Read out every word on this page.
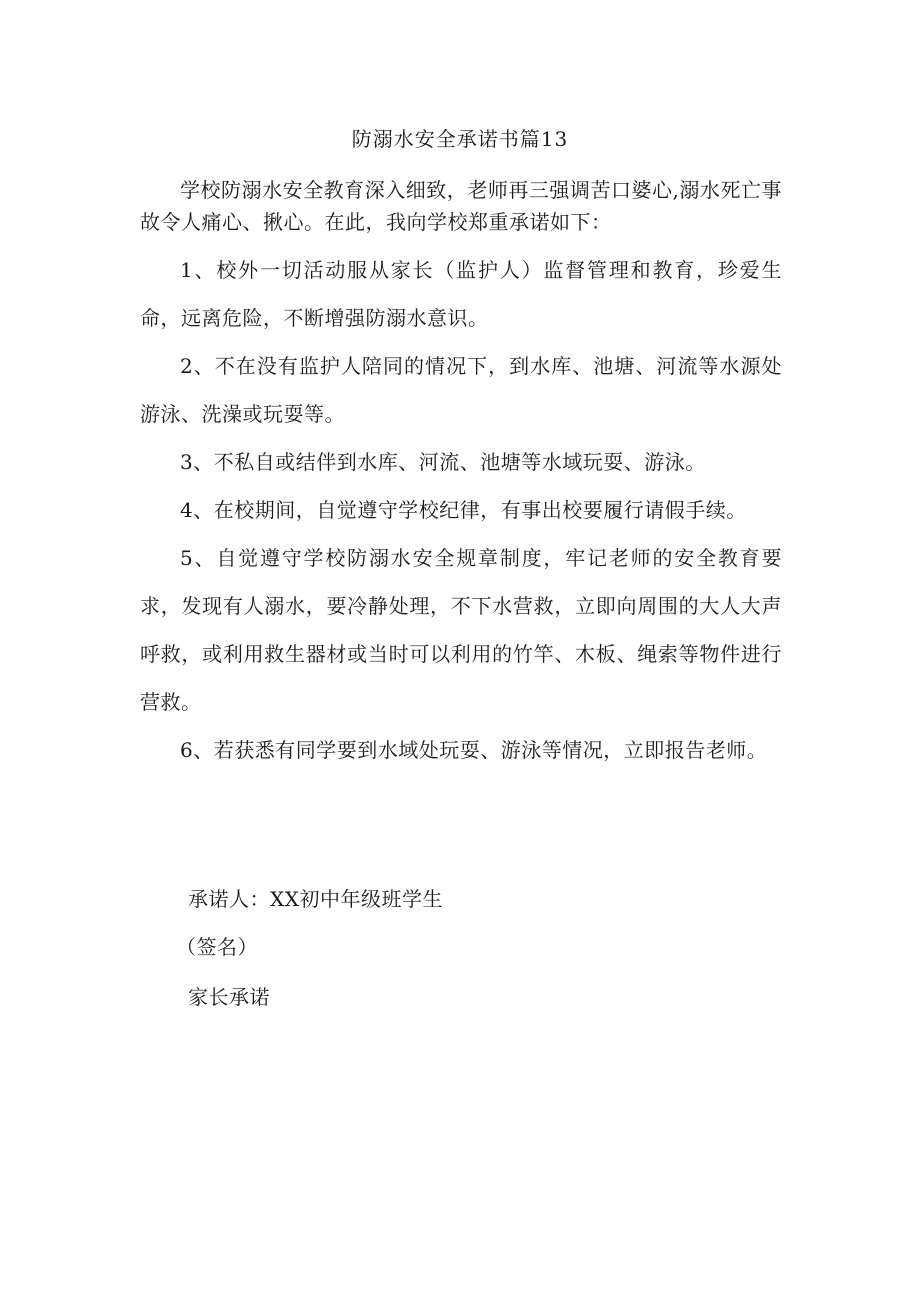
防溺水安全承诺书篇13
学校防溺水安全教育深入细致，老师再三强调苦口婆心,溺水死亡事故令人痛心、揪心。在此，我向学校郑重承诺如下：

1、校外一切活动服从家长（监护人）监督管理和教育，珍爱生命，远离危险，不断增强防溺水意识。

2、不在没有监护人陪同的情况下，到水库、池塘、河流等水源处游泳、洗澡或玩耍等。

3、不私自或结伴到水库、河流、池塘等水域玩耍、游泳。

4、在校期间，自觉遵守学校纪律，有事出校要履行请假手续。

5、自觉遵守学校防溺水安全规章制度，牢记老师的安全教育要求，发现有人溺水，要冷静处理，不下水营救，立即向周围的大人大声呼救，或利用救生器材或当时可以利用的竹竿、木板、绳索等物件进行营救。

6、若获悉有同学要到水域处玩耍、游泳等情况，立即报告老师。

承诺人：XX初中年级班学生
（签名）
家长承诺
